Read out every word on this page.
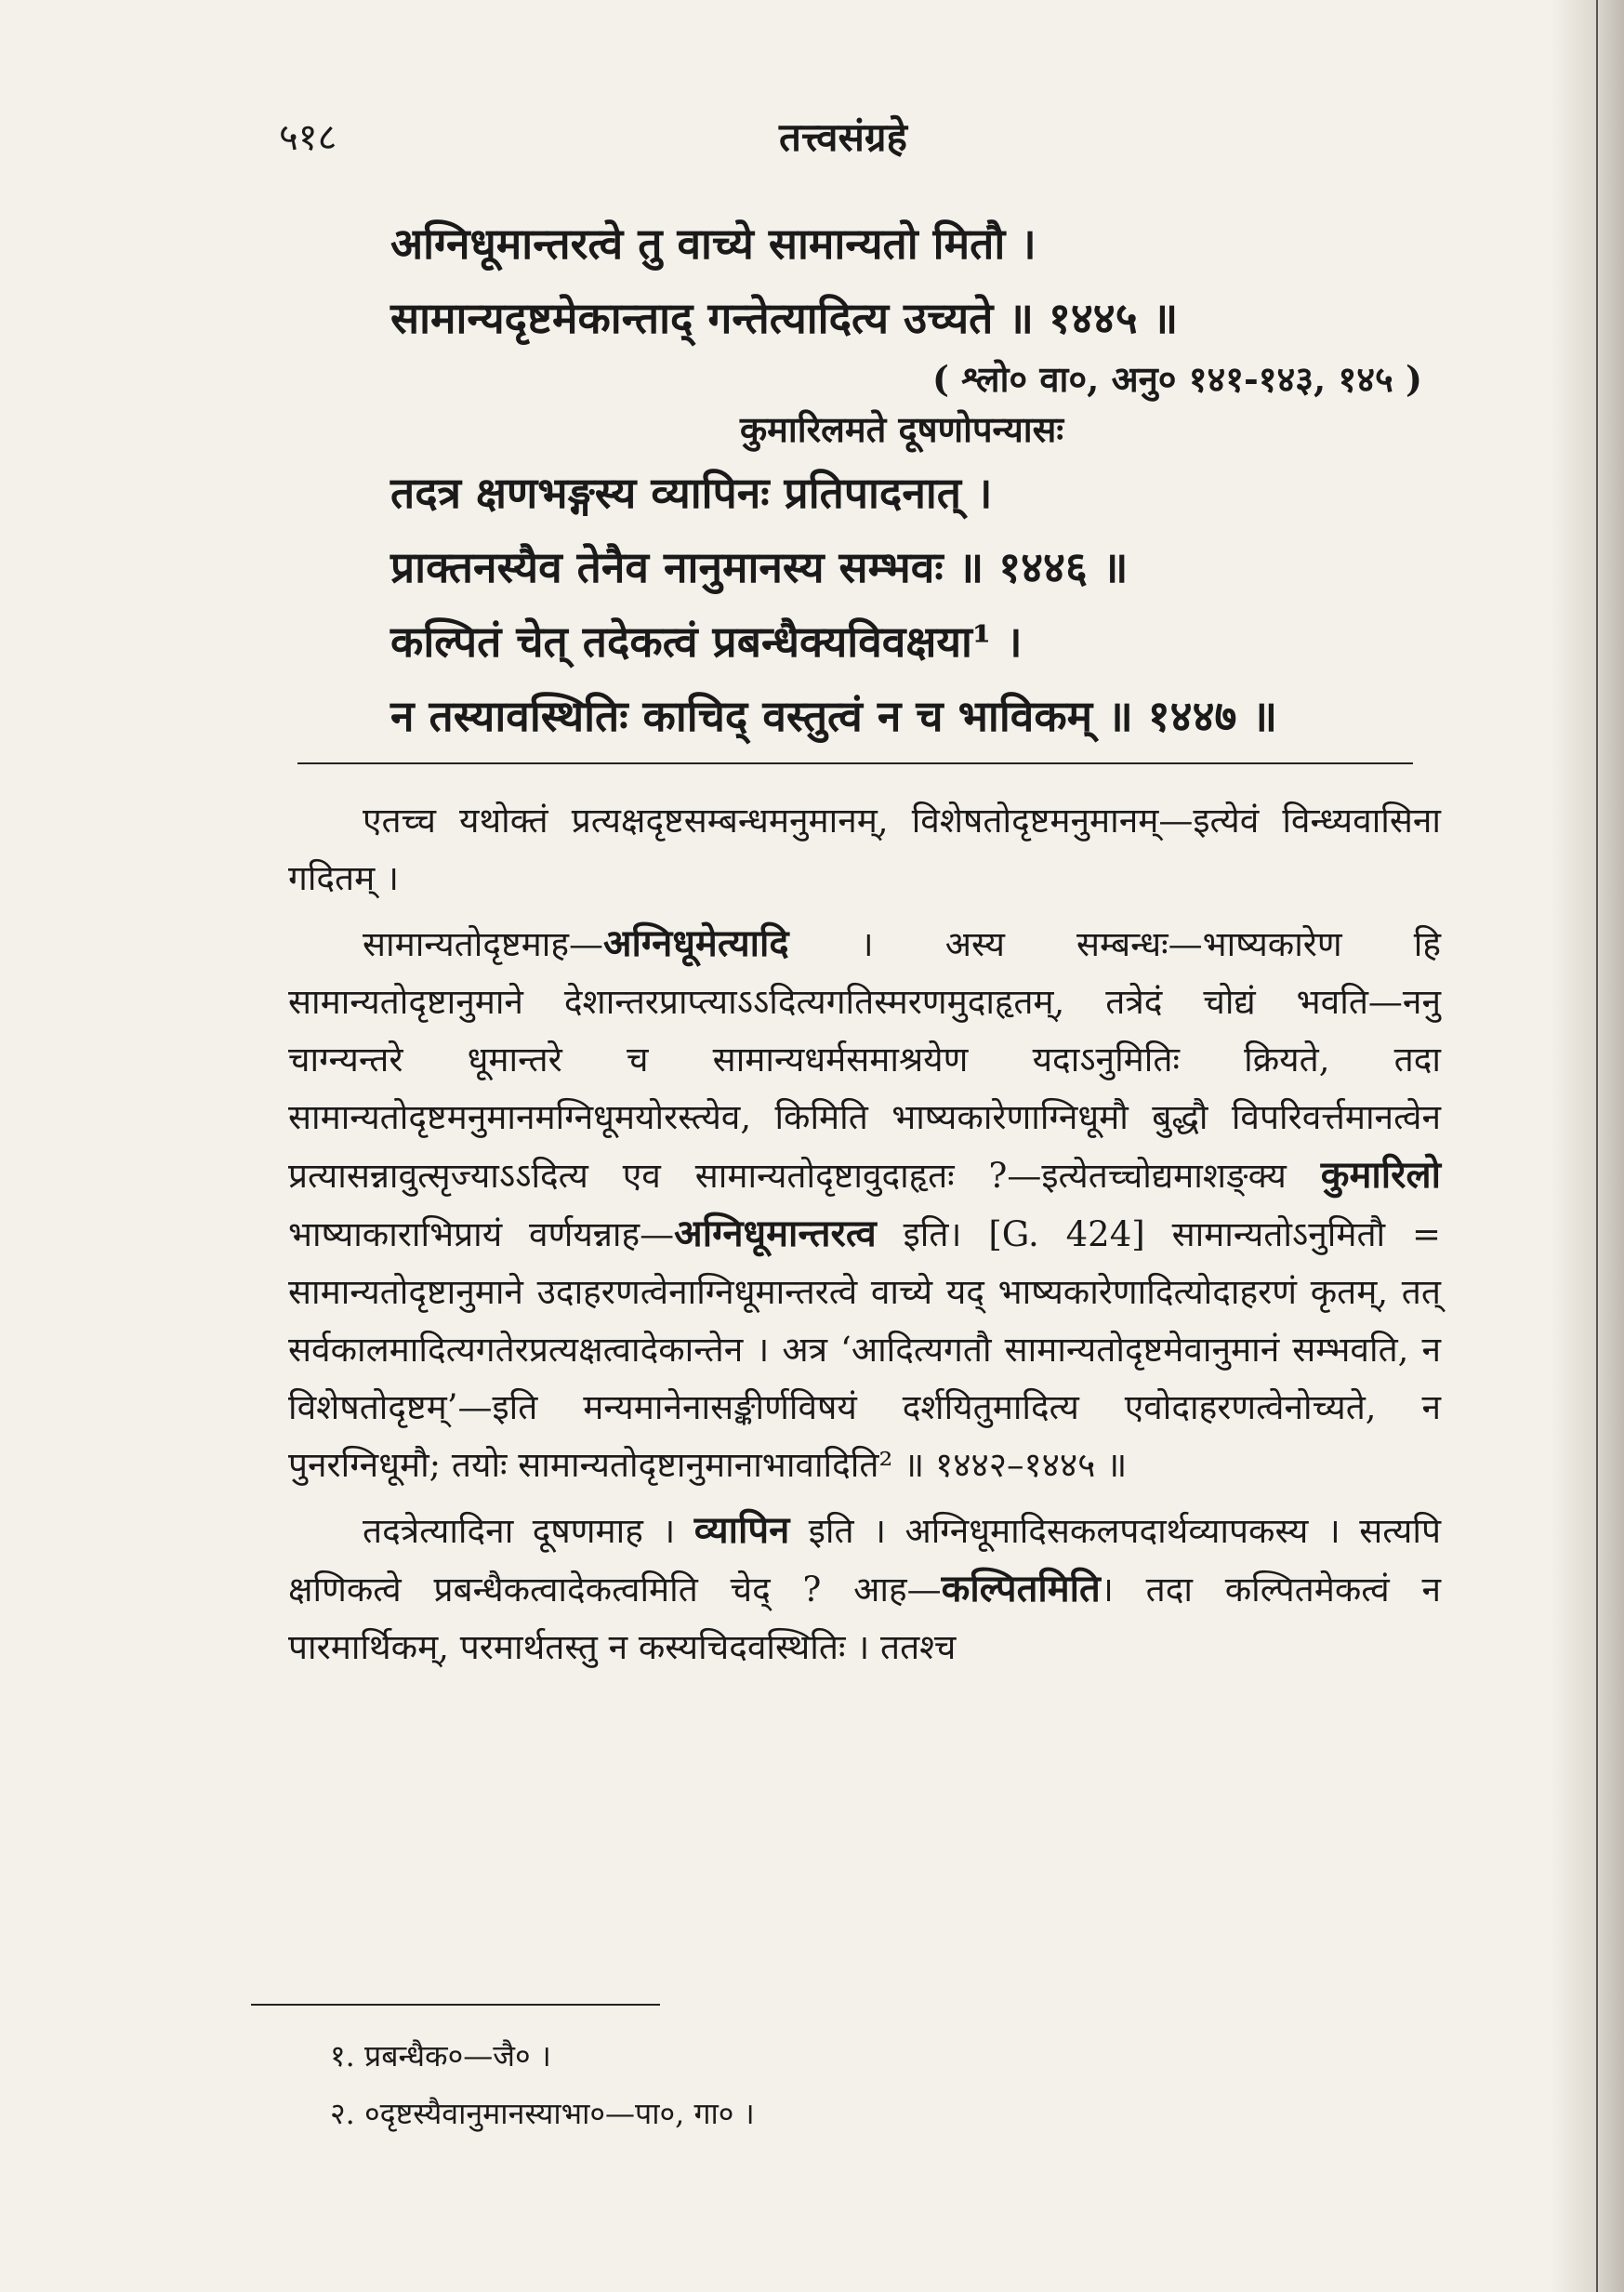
५१८	तत्त्वसंग्रहे
अग्निधूमान्तरत्वे तु वाच्ये सामान्यतो मितौ ।
सामान्यदृष्टमेकान्ताद् गन्तेत्यादित्य उच्यते ॥ १४४५ ॥
( श्लो० वा०, अनु० १४१-१४३, १४५ )
कुमारिलमते दूषणोपन्यासः
तदत्र क्षणभङ्गस्य व्यापिनः प्रतिपादनात् ।
प्राक्तनस्यैव तेनैव नानुमानस्य सम्भवः ॥ १४४६ ॥
कल्पितं चेत् तदेकत्वं प्रबन्धैक्यविवक्षया¹ ।
न तस्यावस्थितिः काचिद् वस्तुत्वं न च भाविकम् ॥ १४४७ ॥

एतच्च यथोक्तं प्रत्यक्षदृष्टसम्बन्धमनुमानम्, विशेषतोदृष्टमनुमानम्—इत्येवं विन्ध्यवासिना गदितम् ।

सामान्यतोदृष्टमाह—अग्निधूमेत्यादि । अस्य सम्बन्धः—भाष्यकारेण हि सामान्यतोदृष्टानुमाने देशान्तरप्राप्त्याऽऽदित्यगतिस्मरणमुदाहृतम्, तत्रेदं चोद्यं भवति—ननु चाग्न्यन्तरे धूमान्तरे च सामान्यधर्मसमाश्रयेण यदाऽनुमितिः क्रियते, तदा सामान्यतोदृष्टमनुमानमग्निधूमयोरस्त्येव, किमिति भाष्यकारेणाग्निधूमौ बुद्धौ विपरिवर्त्तमानत्वेन प्रत्यासन्नावुत्सृज्याऽऽदित्य एव सामान्यतोदृष्टावुदाहृतः ?—इत्येतच्चोद्यमाशङ्क्य कुमारिलो भाष्याकाराभिप्रायं वर्णयन्नाह—अग्निधूमान्तरत्व इति। [G. 424] सामान्यतोऽनुमितौ = सामान्यतोदृष्टानुमाने उदाहरणत्वेनाग्निधूमान्तरत्वे वाच्ये यद् भाष्यकारेणादित्योदाहरणं कृतम्, तत् सर्वकालमादित्यगतेरप्रत्यक्षत्वादेकान्तेन । अत्र ‘आदित्यगतौ सामान्यतोदृष्टमेवानुमानं सम्भवति, न विशेषतोदृष्टम्’—इति मन्यमानेनासङ्कीर्णविषयं दर्शयितुमादित्य एवोदाहरणत्वेनोच्यते, न पुनरग्निधूमौ; तयोः सामान्यतोदृष्टानुमानाभावादिति² ॥ १४४२–१४४५ ॥

तदत्रेत्यादिना दूषणमाह । व्यापिन इति । अग्निधूमादिसकलपदार्थव्यापकस्य । सत्यपि क्षणिकत्वे प्रबन्धैकत्वादेकत्वमिति चेद् ? आह—कल्पितमिति। तदा कल्पितमेकत्वं न पारमार्थिकम्, परमार्थतस्तु न कस्यचिदवस्थितिः । ततश्च

१. प्रबन्धैक०—जै० ।
२. ०दृष्टस्यैवानुमानस्याभा०—पा०, गा० ।
